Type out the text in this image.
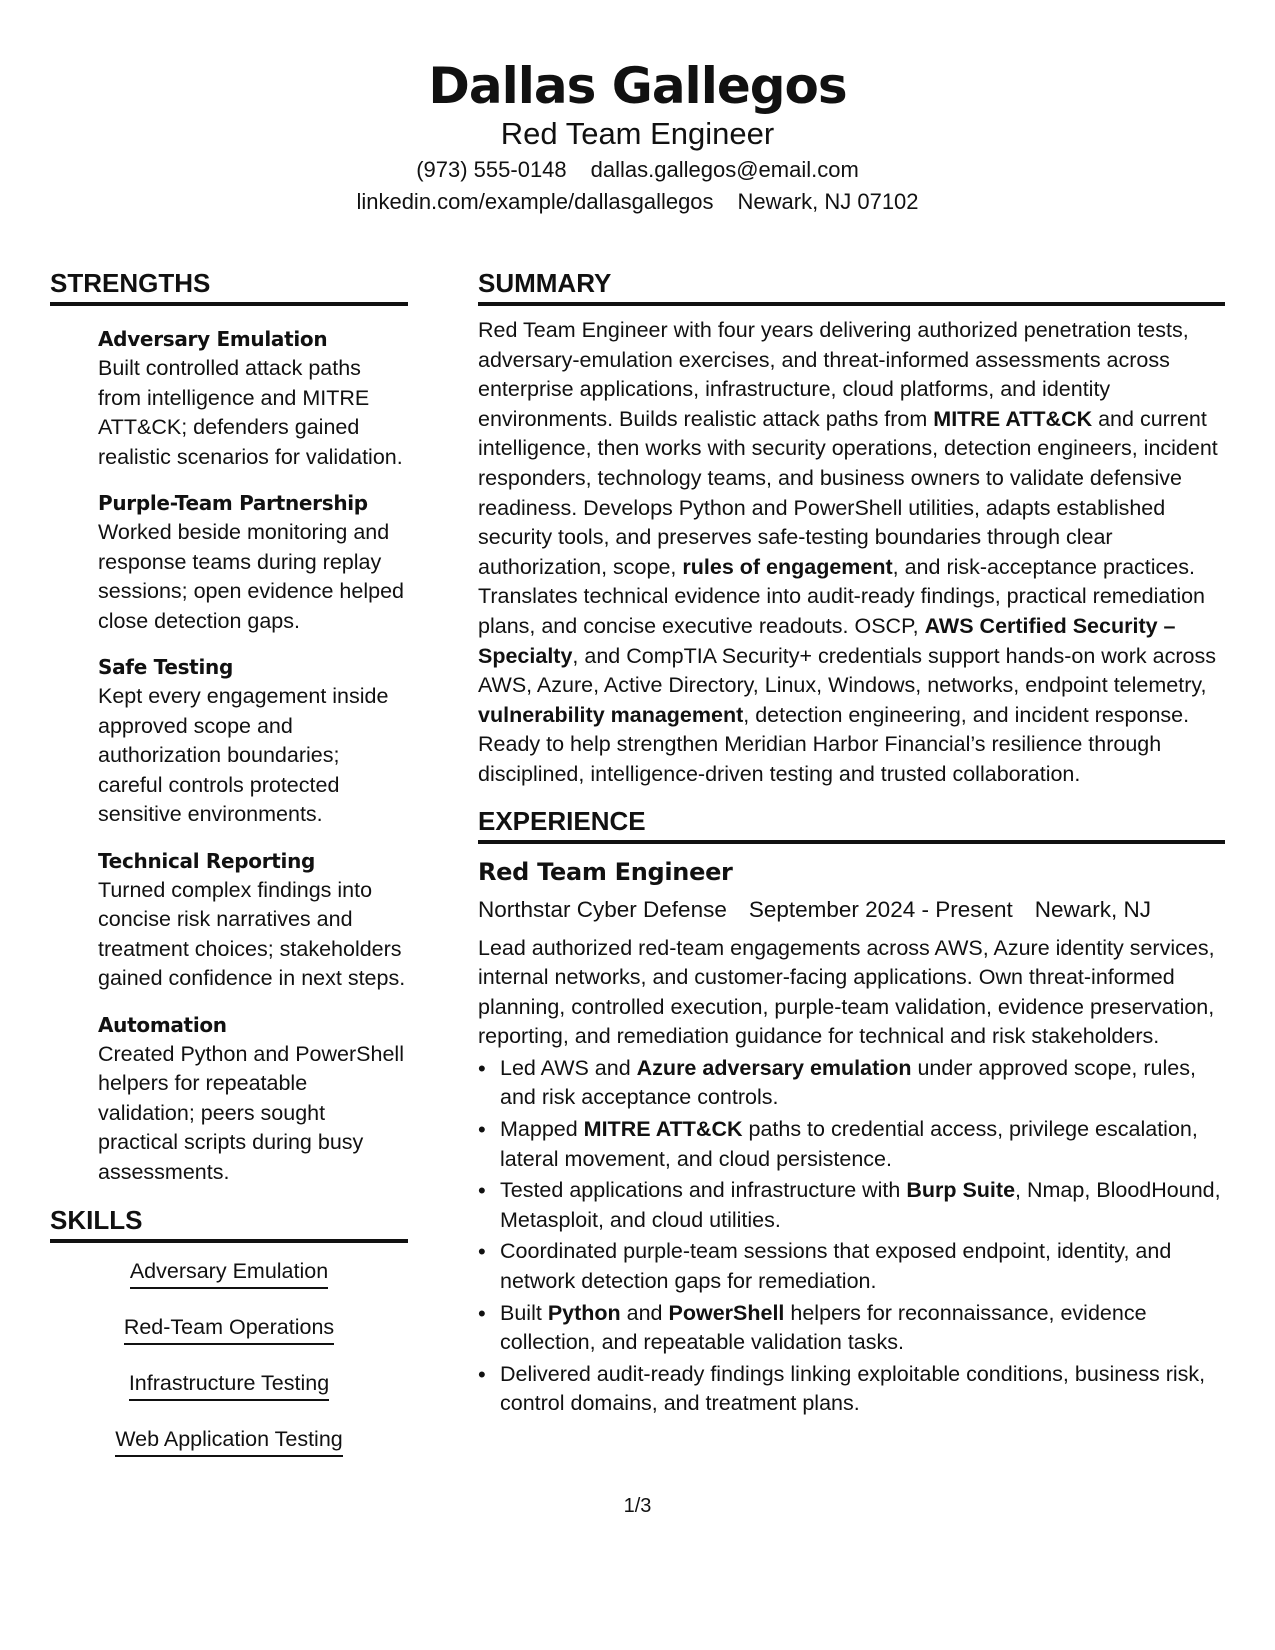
Dallas Gallegos
Red Team Engineer
(973) 555-0148 dallas.gallegos@email.com
linkedin.com/example/dallasgallegos Newark, NJ 07102
STRENGTHS
Adversary Emulation
Built controlled attack paths from intelligence and MITRE ATT&CK; defenders gained realistic scenarios for validation.
Purple-Team Partnership
Worked beside monitoring and response teams during replay sessions; open evidence helped close detection gaps.
Safe Testing
Kept every engagement inside approved scope and authorization boundaries; careful controls protected sensitive environments.
Technical Reporting
Turned complex findings into concise risk narratives and treatment choices; stakeholders gained confidence in next steps.
Automation
Created Python and PowerShell helpers for repeatable validation; peers sought practical scripts during busy assessments.
SKILLS
Adversary Emulation
Red-Team Operations
Infrastructure Testing
Web Application Testing
SUMMARY

Red Team Engineer with four years delivering authorized penetration tests, adversary-emulation exercises, and threat-informed assessments across enterprise applications, infrastructure, cloud platforms, and identity environments. Builds realistic attack paths from MITRE ATT&CK and current intelligence, then works with security operations, detection engineers, incident responders, technology teams, and business owners to validate defensive readiness. Develops Python and PowerShell utilities, adapts established security tools, and preserves safe-testing boundaries through clear authorization, scope, rules of engagement, and risk-acceptance practices. Translates technical evidence into audit-ready findings, practical remediation plans, and concise executive readouts. OSCP, AWS Certified Security – Specialty, and CompTIA Security+ credentials support hands-on work across AWS, Azure, Active Directory, Linux, Windows, networks, endpoint telemetry, vulnerability management, detection engineering, and incident response. Ready to help strengthen Meridian Harbor Financial’s resilience through disciplined, intelligence-driven testing and trusted collaboration.

EXPERIENCE
Red Team Engineer
Northstar Cyber Defense September 2024 - Present Newark, NJ

Lead authorized red-team engagements across AWS, Azure identity services, internal networks, and customer-facing applications. Own threat-informed planning, controlled execution, purple-team validation, evidence preservation, reporting, and remediation guidance for technical and risk stakeholders.

• Led AWS and Azure adversary emulation under approved scope, rules, and risk acceptance controls.
• Mapped MITRE ATT&CK paths to credential access, privilege escalation, lateral movement, and cloud persistence.
• Tested applications and infrastructure with Burp Suite, Nmap, BloodHound, Metasploit, and cloud utilities.
• Coordinated purple-team sessions that exposed endpoint, identity, and network detection gaps for remediation.
• Built Python and PowerShell helpers for reconnaissance, evidence collection, and repeatable validation tasks.
• Delivered audit-ready findings linking exploitable conditions, business risk, control domains, and treatment plans.
1/3
